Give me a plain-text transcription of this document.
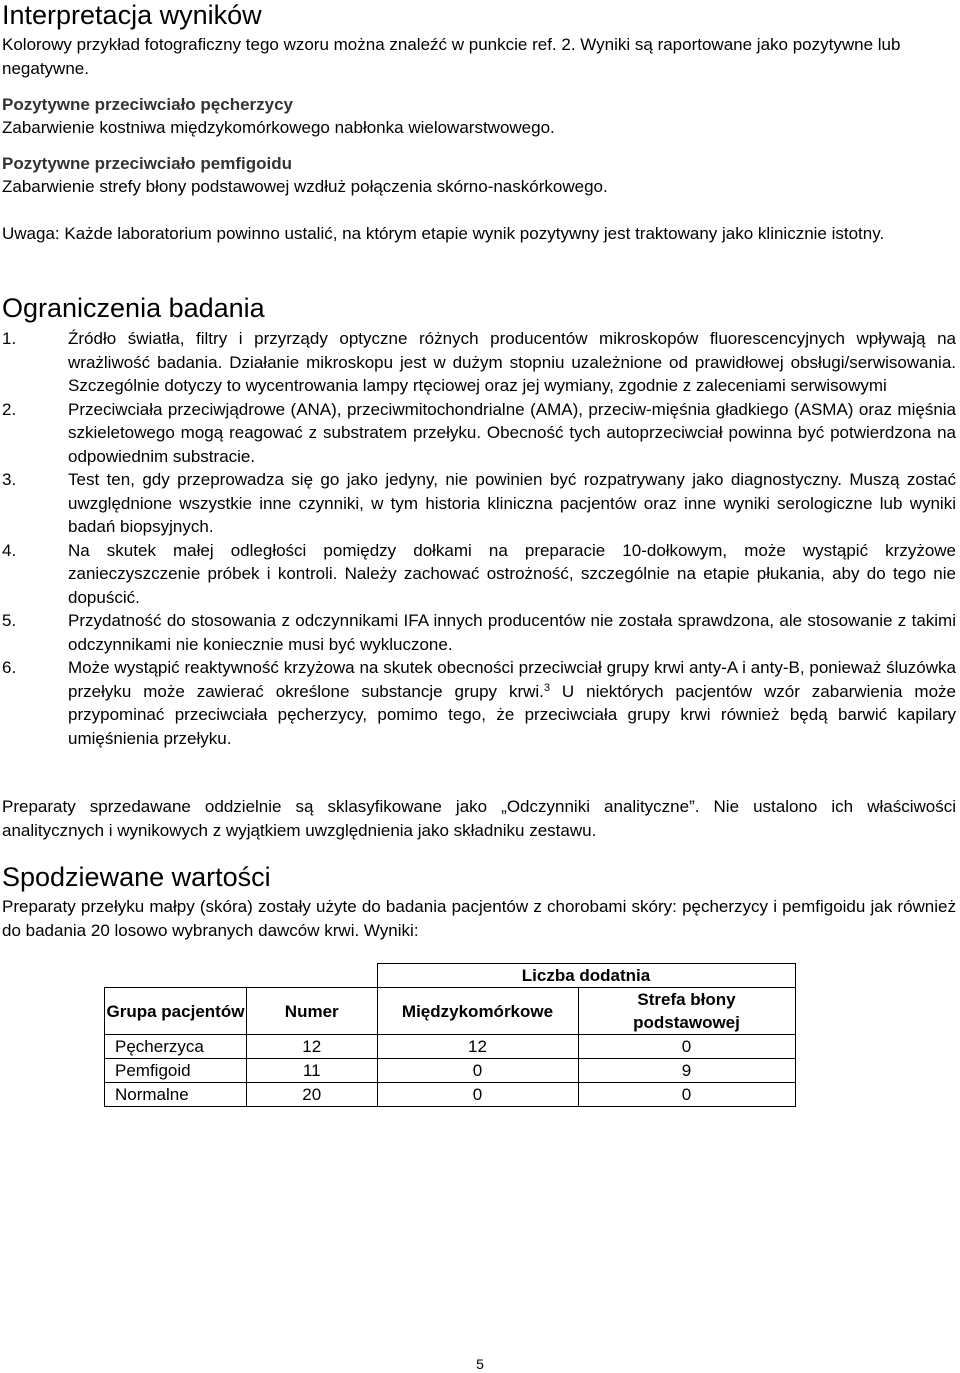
Interpretacja wyników

Kolorowy przykład fotograficzny tego wzoru można znaleźć w punkcie ref. 2. Wyniki są raportowane jako pozytywne lub negatywne.

Pozytywne przeciwciało pęcherzycy

Zabarwienie kostniwa międzykomórkowego nabłonka wielowarstwowego.

Pozytywne przeciwciało pemfigoidu

Zabarwienie strefy błony podstawowej wzdłuż połączenia skórno-naskórkowego.

Uwaga: Każde laboratorium powinno ustalić, na którym etapie wynik pozytywny jest traktowany jako klinicznie istotny.

Ograniczenia badania
1.	Źródło światła, filtry i przyrządy optyczne różnych producentów mikroskopów fluorescencyjnych wpływają na wrażliwość badania. Działanie mikroskopu jest w dużym stopniu uzależnione od prawidłowej obsługi/serwisowania. Szczególnie dotyczy to wycentrowania lampy rtęciowej oraz jej wymiany, zgodnie z zaleceniami serwisowymi
2.	Przeciwciała przeciwjądrowe (ANA), przeciwmitochondrialne (AMA), przeciw-mięśnia gładkiego (ASMA) oraz mięśnia szkieletowego mogą reagować z substratem przełyku. Obecność tych autoprzeciwciał powinna być potwierdzona na odpowiednim substracie.
3.	Test ten, gdy przeprowadza się go jako jedyny, nie powinien być rozpatrywany jako diagnostyczny. Muszą zostać uwzględnione wszystkie inne czynniki, w tym historia kliniczna pacjentów oraz inne wyniki serologiczne lub wyniki badań biopsyjnych.
4.	Na skutek małej odległości pomiędzy dołkami na preparacie 10-dołkowym, może wystąpić krzyżowe zanieczyszczenie próbek i kontroli. Należy zachować ostrożność, szczególnie na etapie płukania, aby do tego nie dopuścić.
5.	Przydatność do stosowania z odczynnikami IFA innych producentów nie została sprawdzona, ale stosowanie z takimi odczynnikami nie koniecznie musi być wykluczone.
6.	Może wystąpić reaktywność krzyżowa na skutek obecności przeciwciał grupy krwi anty-A i anty-B, ponieważ śluzówka przełyku może zawierać określone substancje grupy krwi.$^3$ U niektórych pacjentów wzór zabarwienia może przypominać przeciwciała pęcherzycy, pomimo tego, że przeciwciała grupy krwi również będą barwić kapilary umięśnienia przełyku.

Preparaty sprzedawane oddzielnie są sklasyfikowane jako „Odczynniki analityczne”. Nie ustalono ich właściwości analitycznych i wynikowych z wyjątkiem uwzględnienia jako składniku zestawu.

Spodziewane wartości

Preparaty przełyku małpy (skóra) zostały użyte do badania pacjentów z chorobami skóry: pęcherzycy i pemfigoidu jak również do badania 20 losowo wybranych dawców krwi. Wyniki:

		Liczba dodatnia	
Grupa pacjentów	Numer	Międzykomórkowe	Strefa błony podstawowej
Pęcherzyca	12	12	0
Pemfigoid	11	0	9
Normalne	20	0	0
5
